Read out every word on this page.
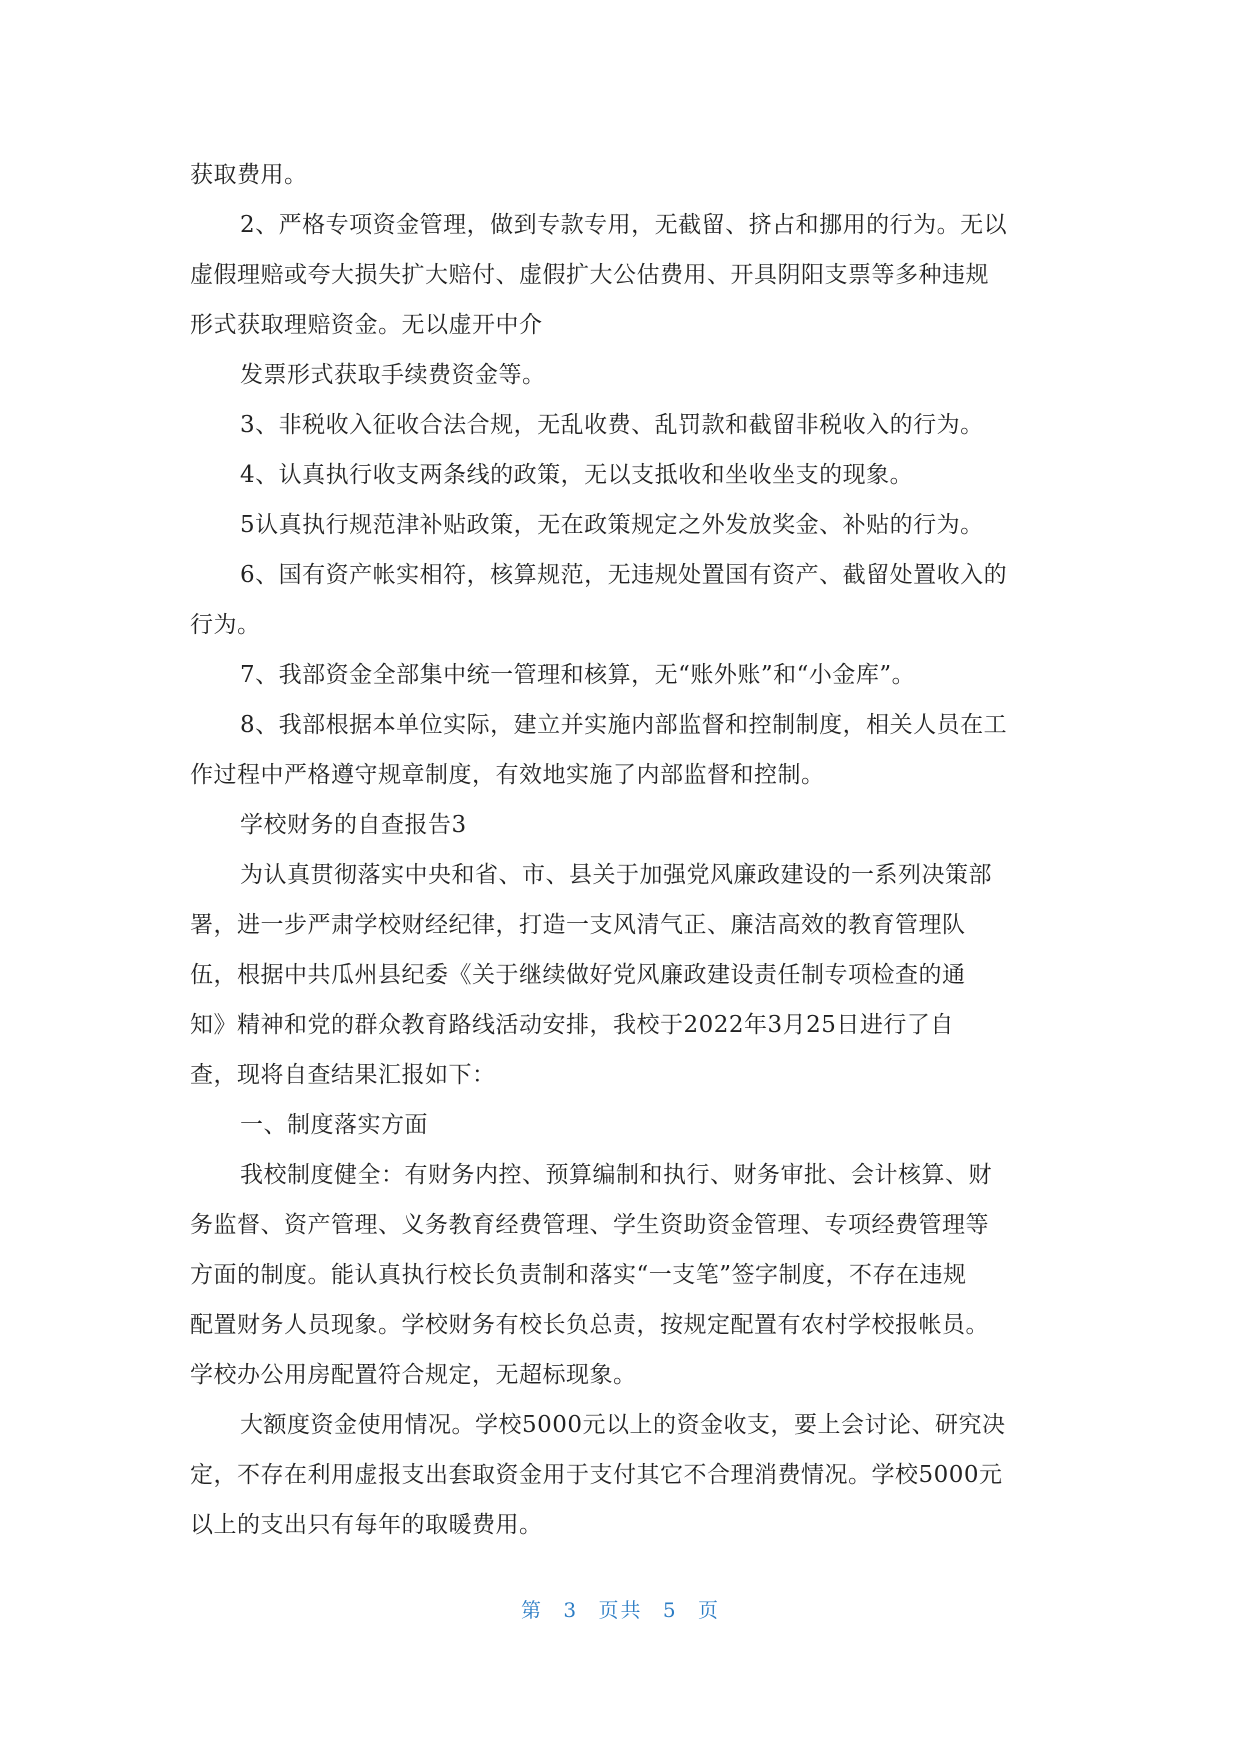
获取费用。
2、严格专项资金管理，做到专款专用，无截留、挤占和挪用的行为。无以
虚假理赔或夸大损失扩大赔付、虚假扩大公估费用、开具阴阳支票等多种违规
形式获取理赔资金。无以虚开中介
发票形式获取手续费资金等。
3、非税收入征收合法合规，无乱收费、乱罚款和截留非税收入的行为。
4、认真执行收支两条线的政策，无以支抵收和坐收坐支的现象。
5认真执行规范津补贴政策，无在政策规定之外发放奖金、补贴的行为。
6、国有资产帐实相符，核算规范，无违规处置国有资产、截留处置收入的
行为。
7、我部资金全部集中统一管理和核算，无“账外账”和“小金库”。
8、我部根据本单位实际，建立并实施内部监督和控制制度，相关人员在工
作过程中严格遵守规章制度，有效地实施了内部监督和控制。
学校财务的自查报告3
为认真贯彻落实中央和省、市、县关于加强党风廉政建设的一系列决策部
署，进一步严肃学校财经纪律，打造一支风清气正、廉洁高效的教育管理队
伍，根据中共瓜州县纪委《关于继续做好党风廉政建设责任制专项检查的通
知》精神和党的群众教育路线活动安排，我校于2022年3月25日进行了自
查，现将自查结果汇报如下：
一、制度落实方面
我校制度健全：有财务内控、预算编制和执行、财务审批、会计核算、财
务监督、资产管理、义务教育经费管理、学生资助资金管理、专项经费管理等
方面的制度。能认真执行校长负责制和落实“一支笔”签字制度，不存在违规
配置财务人员现象。学校财务有校长负总责，按规定配置有农村学校报帐员。
学校办公用房配置符合规定，无超标现象。
大额度资金使用情况。学校5000元以上的资金收支，要上会讨论、研究决
定，不存在利用虚报支出套取资金用于支付其它不合理消费情况。学校5000元
以上的支出只有每年的取暖费用。
第 3 页共 5 页
